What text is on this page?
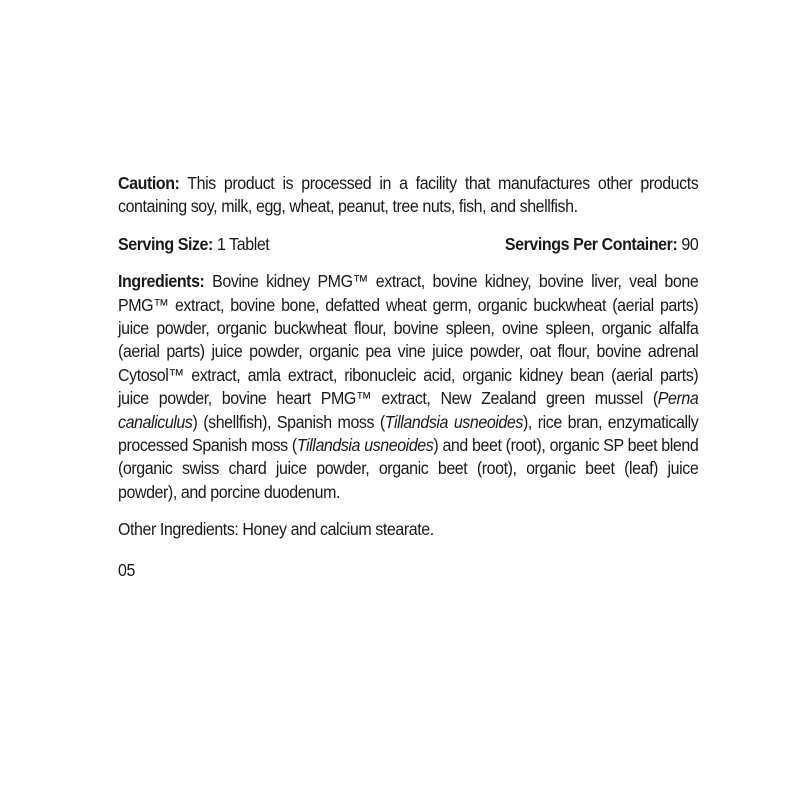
Caution: This product is processed in a facility that manufactures other products containing soy, milk, egg, wheat, peanut, tree nuts, fish, and shellfish.

Serving Size: 1 Tablet	Servings Per Container: 90

Ingredients: Bovine kidney PMG™ extract, bovine kidney, bovine liver, veal bone PMG™ extract, bovine bone, defatted wheat germ, organic buckwheat (aerial parts) juice powder, organic buckwheat flour, bovine spleen, ovine spleen, organic alfalfa (aerial parts) juice powder, organic pea vine juice powder, oat flour, bovine adrenal Cytosol™ extract, amla extract, ribonucleic acid, organic kidney bean (aerial parts) juice powder, bovine heart PMG™ extract, New Zealand green mussel (Perna canaliculus) (shellfish), Spanish moss (Tillandsia usneoides), rice bran, enzymatically processed Spanish moss (Tillandsia usneoides) and beet (root), organic SP beet blend (organic swiss chard juice powder, organic beet (root), organic beet (leaf) juice powder), and porcine duodenum.

Other Ingredients: Honey and calcium stearate.

05
